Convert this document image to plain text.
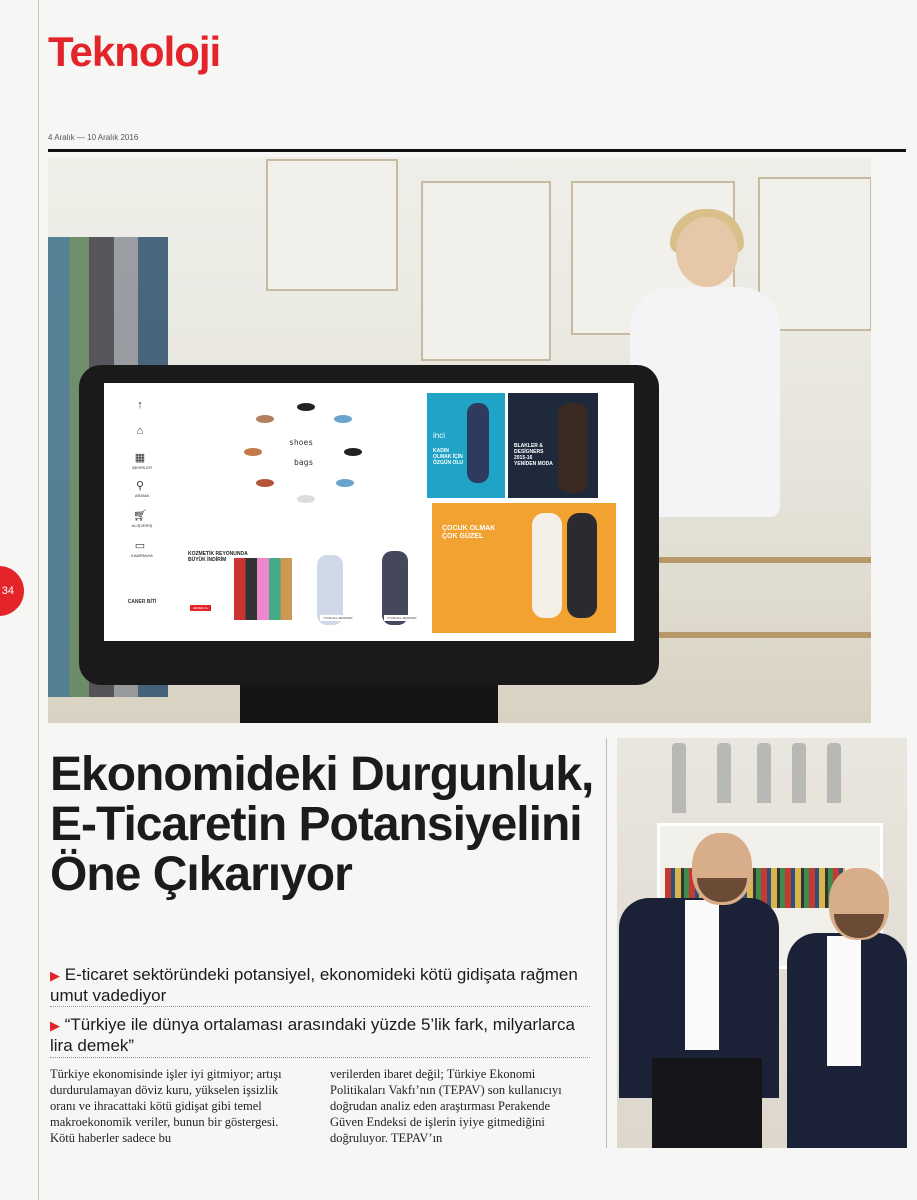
Teknoloji
4 Aralık — 10 Aralık 2016
34
↑
⌂
▦
ŞEHİRLER
⚲
ARAMA
🛒︎
ALIŞVERİŞ
▭
KAMPANYA
CANER BİTİ
shoes
bags
inci
KADIN OLMAK İÇİN ÖZGÜN OLU
BLAKLER & DESİGNERS 2015-16 YENİDEN MODA
ÇOCUK OLMAK ÇOK GÜZEL
KOZMETİK REYONUNDA BÜYÜK İNDİRİM
HEMEN AL
7 FOR ALL MANKIND	7 FOR ALL MANKIND
Ekonomideki Durgunluk, E-Ticaretin Potansiyelini Öne Çıkarıyor
▶ E-ticaret sektöründeki potansiyel, ekonomideki kötü gidişata rağmen umut vadediyor
▶ “Türkiye ile dünya ortalaması arasındaki yüzde 5’lik fark, milyarlarca lira demek”
Türkiye ekonomisinde işler iyi gitmiyor; artışı durdurulamayan döviz kuru, yükselen işsizlik oranı ve ihracattaki kötü gidişat gibi temel makroekonomik veriler, bunun bir göstergesi. Kötü haberler sadece bu
verilerden ibaret değil; Türkiye Ekonomi Politikaları Vakfı’nın (TEPAV) son kullanıcıyı doğrudan analiz eden araştırması Perakende Güven Endeksi de işlerin iyiye gitmediğini doğruluyor. TEPAV’ın
